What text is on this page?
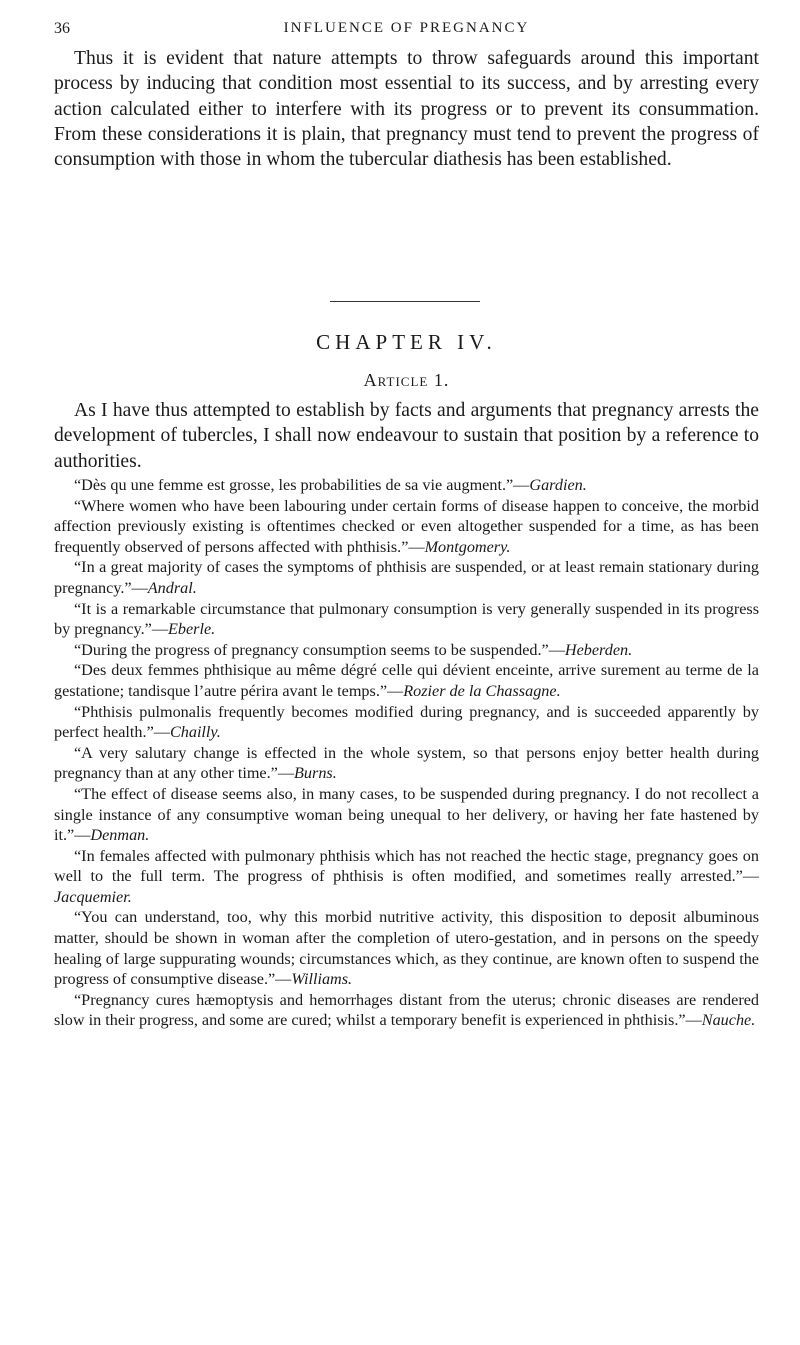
36	INFLUENCE OF PREGNANCY

Thus it is evident that nature attempts to throw safeguards around this important process by inducing that condition most essential to its success, and by arresting every action calculated either to interfere with its progress or to prevent its consummation. From these considerations it is plain, that pregnancy must tend to prevent the progress of consumption with those in whom the tubercular diathesis has been established.

CHAPTER IV.
Article 1.

As I have thus attempted to establish by facts and arguments that pregnancy arrests the development of tubercles, I shall now endeavour to sustain that position by a reference to authorities.

“Dès qu une femme est grosse, les probabilities de sa vie augment.”—Gardien.

“Where women who have been labouring under certain forms of disease happen to conceive, the morbid affection previously existing is oftentimes checked or even altogether suspended for a time, as has been frequently observed of persons affected with phthisis.”—Montgomery.

“In a great majority of cases the symptoms of phthisis are suspended, or at least remain stationary during pregnancy.”—Andral.

“It is a remarkable circumstance that pulmonary consumption is very generally suspended in its progress by pregnancy.”—Eberle.

“During the progress of pregnancy consumption seems to be suspended.”—Heberden.

“Des deux femmes phthisique au même dégré celle qui dévient enceinte, arrive surement au terme de la gestatione; tandisque l’autre périra avant le temps.”—Rozier de la Chassagne.

“Phthisis pulmonalis frequently becomes modified during pregnancy, and is succeeded apparently by perfect health.”—Chailly.

“A very salutary change is effected in the whole system, so that persons enjoy better health during pregnancy than at any other time.”—Burns.

“The effect of disease seems also, in many cases, to be suspended during pregnancy. I do not recollect a single instance of any consumptive woman being unequal to her delivery, or having her fate hastened by it.”—Denman.

“In females affected with pulmonary phthisis which has not reached the hectic stage, pregnancy goes on well to the full term. The progress of phthisis is often modified, and sometimes really arrested.”—Jacquemier.

“You can understand, too, why this morbid nutritive activity, this disposition to deposit albuminous matter, should be shown in woman after the completion of utero-gestation, and in persons on the speedy healing of large suppurating wounds; circumstances which, as they continue, are known often to suspend the progress of consumptive disease.”—Williams.

“Pregnancy cures hæmoptysis and hemorrhages distant from the uterus; chronic diseases are rendered slow in their progress, and some are cured; whilst a temporary benefit is experienced in phthisis.”—Nauche.
